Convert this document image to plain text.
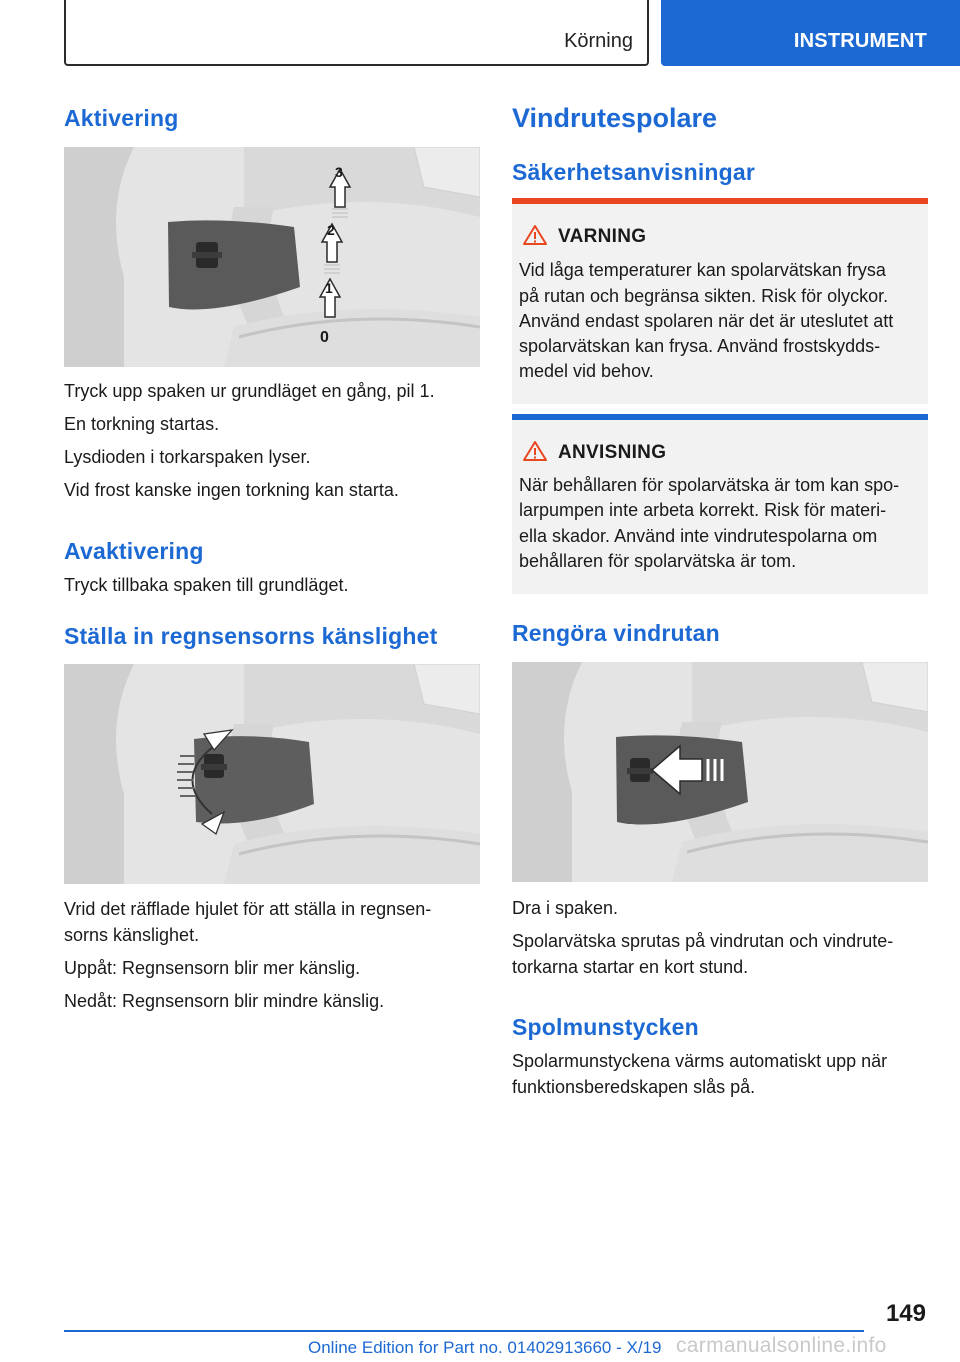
Körning	INSTRUMENT
Aktivering
3
2
1
0

Tryck upp spaken ur grundläget en gång, pil 1.

En torkning startas.

Lysdioden i torkarspaken lyser.

Vid frost kanske ingen torkning kan starta.

Avaktivering

Tryck tillbaka spaken till grundläget.

Ställa in regnsensorns känslighet

Vrid det räfflade hjulet för att ställa in regnsen-

sorns känslighet.

Uppåt: Regnsensorn blir mer känslig.

Nedåt: Regnsensorn blir mindre känslig.

Vindrutespolare
Säkerhetsanvisningar
VARNING

Vid låga temperaturer kan spolarvätskan frysa

på rutan och begränsa sikten. Risk för olyckor.

Använd endast spolaren när det är uteslutet att

spolarvätskan kan frysa. Använd frostskydds-

medel vid behov.

ANVISNING

När behållaren för spolarvätska är tom kan spo-

larpumpen inte arbeta korrekt. Risk för materi-

ella skador. Använd inte vindrutespolarna om

behållaren för spolarvätska är tom.

Rengöra vindrutan

Dra i spaken.

Spolarvätska sprutas på vindrutan och vindrute-

torkarna startar en kort stund.

Spolmunstycken

Spolarmunstyckena värms automatiskt upp när

funktionsberedskapen slås på.

149
Online Edition for Part no. 01402913660 - X/19 carmanualsonline.info
